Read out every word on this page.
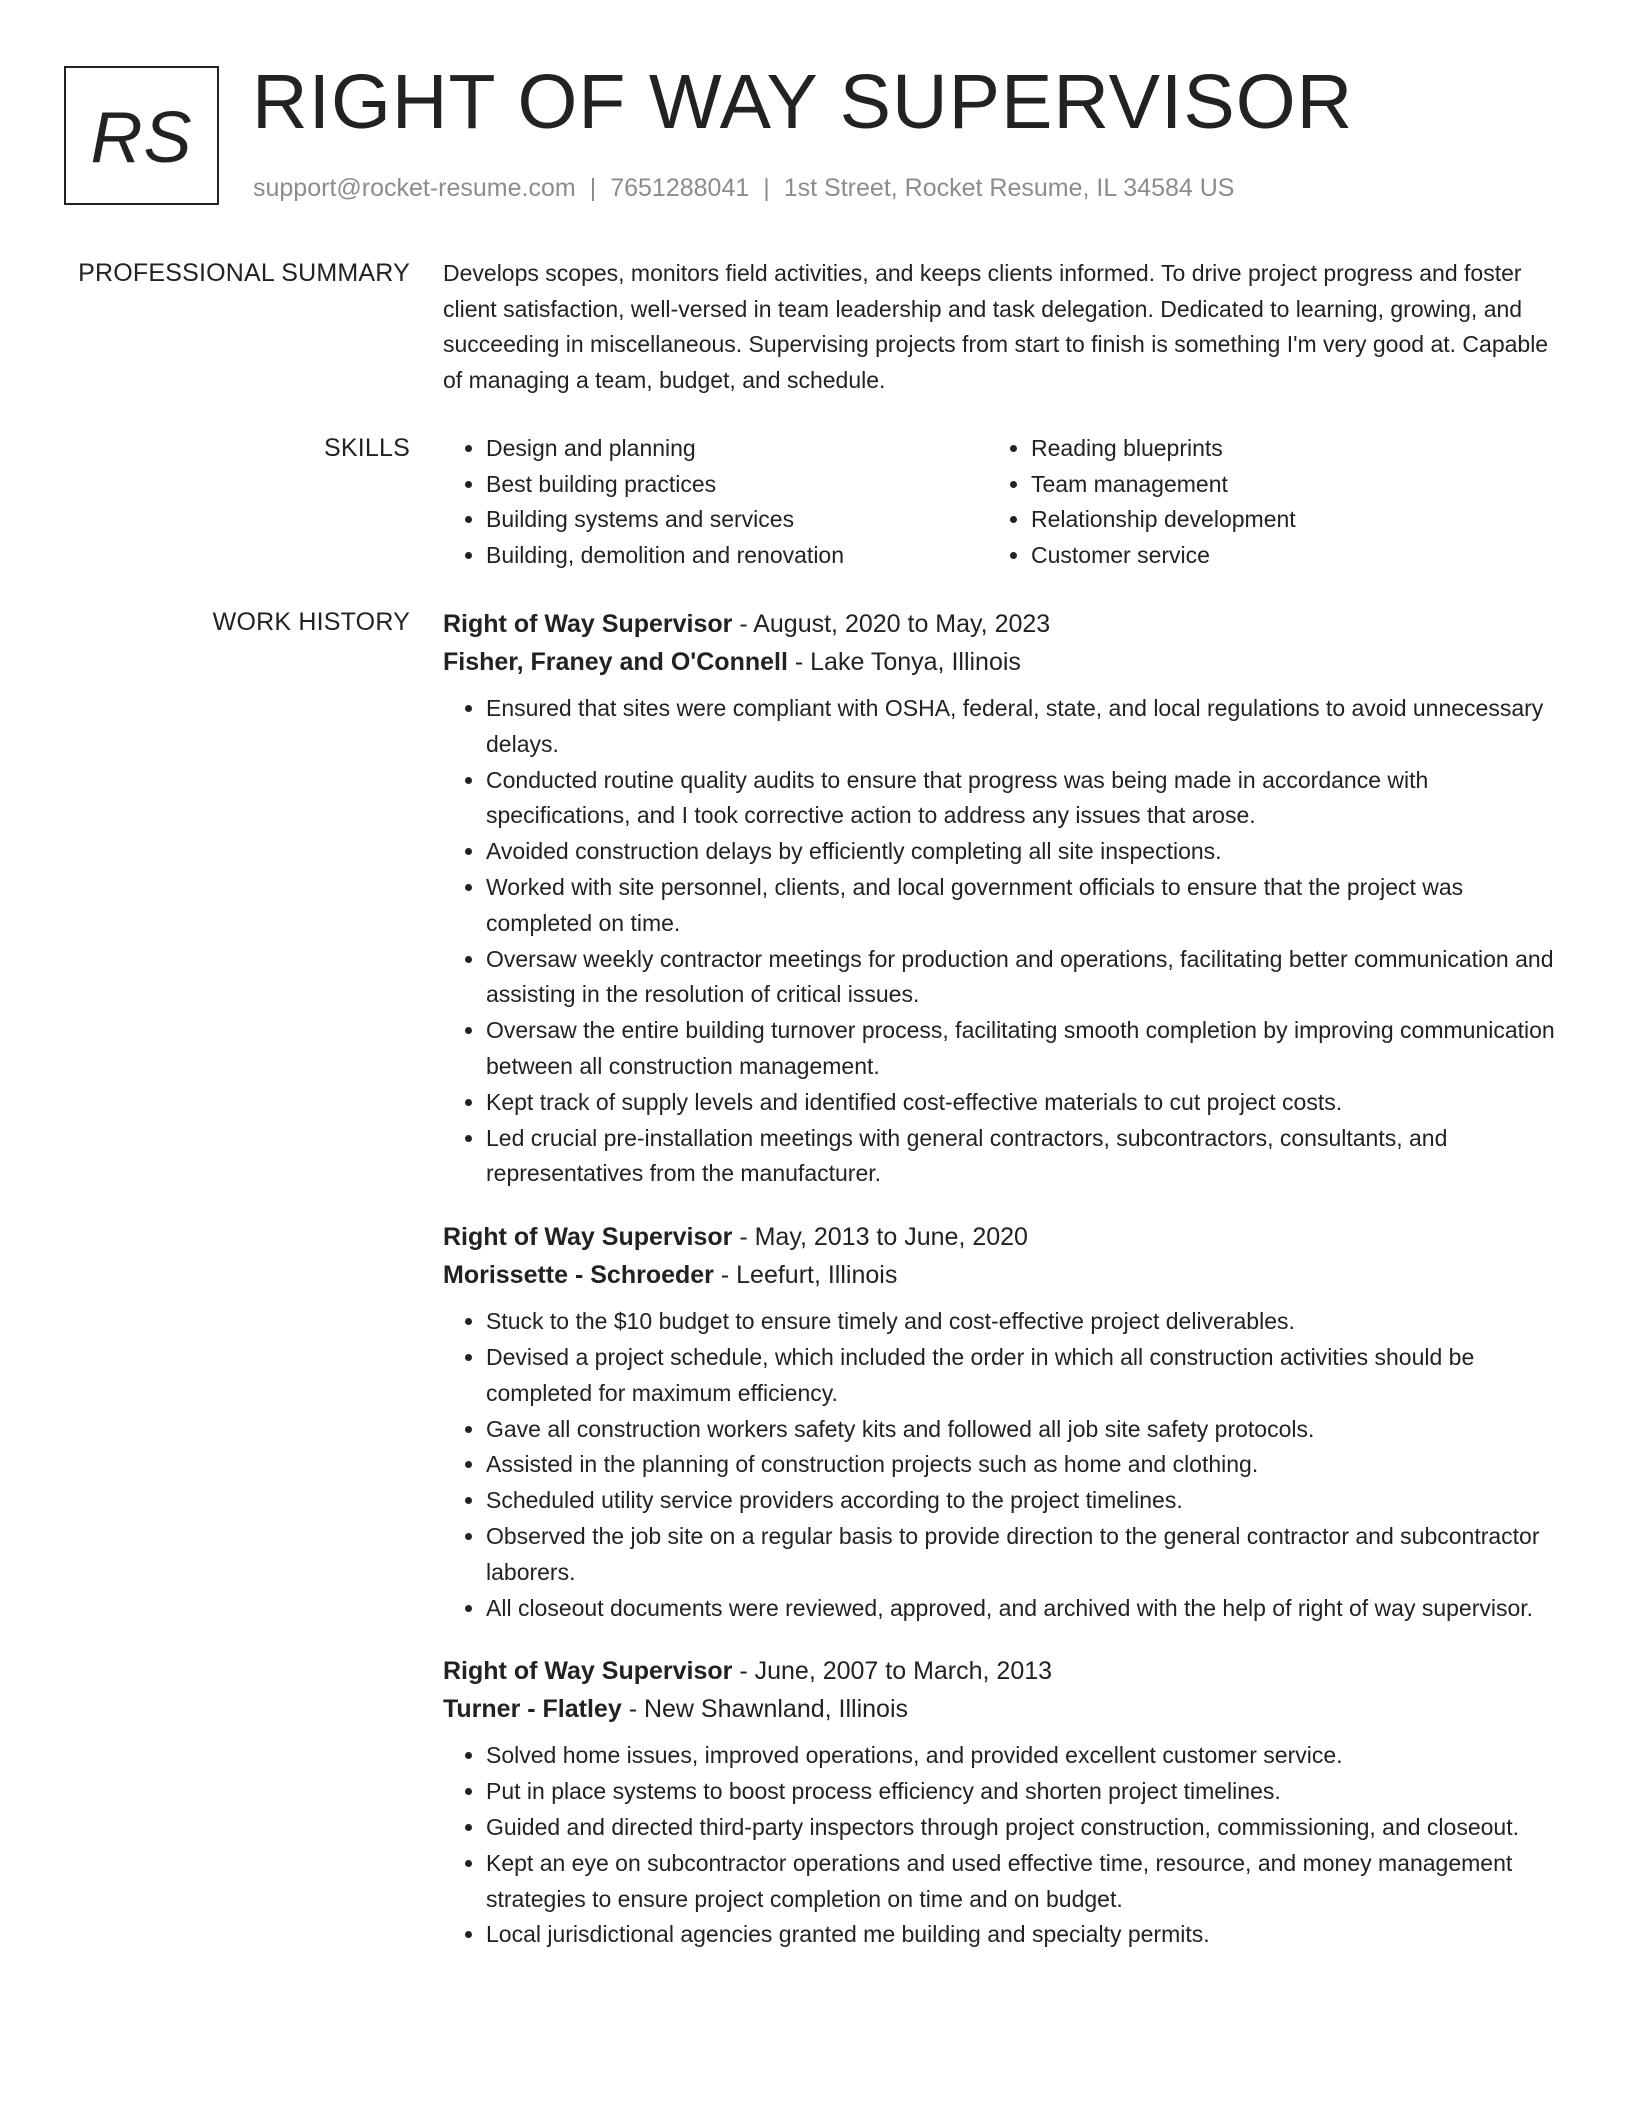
RS RIGHT OF WAY SUPERVISOR
support@rocket-resume.com | 7651288041 | 1st Street, Rocket Resume, IL 34584 US
PROFESSIONAL SUMMARY Develops scopes, monitors field activities, and keeps clients informed. To drive project progress and foster client satisfaction, well-versed in team leadership and task delegation. Dedicated to learning, growing, and succeeding in miscellaneous. Supervising projects from start to finish is something I'm very good at. Capable of managing a team, budget, and schedule.

SKILLS
•	Design and planning
• Best building practices
• Building systems and services
• Building, demolition and renovation
• Reading blueprints
• Team management
• Relationship development
• Customer service
WORK HISTORY Right of Way Supervisor - August, 2020 to May, 2023
Fisher, Franey and O'Connell - Lake Tonya, Illinois
• Ensured that sites were compliant with OSHA, federal, state, and local regulations to avoid unnecessary delays.
• Conducted routine quality audits to ensure that progress was being made in accordance with specifications, and I took corrective action to address any issues that arose.
• Avoided construction delays by efficiently completing all site inspections.
• Worked with site personnel, clients, and local government officials to ensure that the project was completed on time.
• Oversaw weekly contractor meetings for production and operations, facilitating better communication and assisting in the resolution of critical issues.
• Oversaw the entire building turnover process, facilitating smooth completion by improving communication between all construction management.
• Kept track of supply levels and identified cost-effective materials to cut project costs.
• Led crucial pre-installation meetings with general contractors, subcontractors, consultants, and representatives from the manufacturer.
Right of Way Supervisor - May, 2013 to June, 2020
Morissette - Schroeder - Leefurt, Illinois
• Stuck to the $10 budget to ensure timely and cost-effective project deliverables.
• Devised a project schedule, which included the order in which all construction activities should be completed for maximum efficiency.
• Gave all construction workers safety kits and followed all job site safety protocols.
• Assisted in the planning of construction projects such as home and clothing.
• Scheduled utility service providers according to the project timelines.
• Observed the job site on a regular basis to provide direction to the general contractor and subcontractor laborers.
• All closeout documents were reviewed, approved, and archived with the help of right of way supervisor.
Right of Way Supervisor - June, 2007 to March, 2013
Turner - Flatley - New Shawnland, Illinois
• Solved home issues, improved operations, and provided excellent customer service.
• Put in place systems to boost process efficiency and shorten project timelines.
• Guided and directed third-party inspectors through project construction, commissioning, and closeout.
• Kept an eye on subcontractor operations and used effective time, resource, and money management strategies to ensure project completion on time and on budget.
• Local jurisdictional agencies granted me building and specialty permits.
